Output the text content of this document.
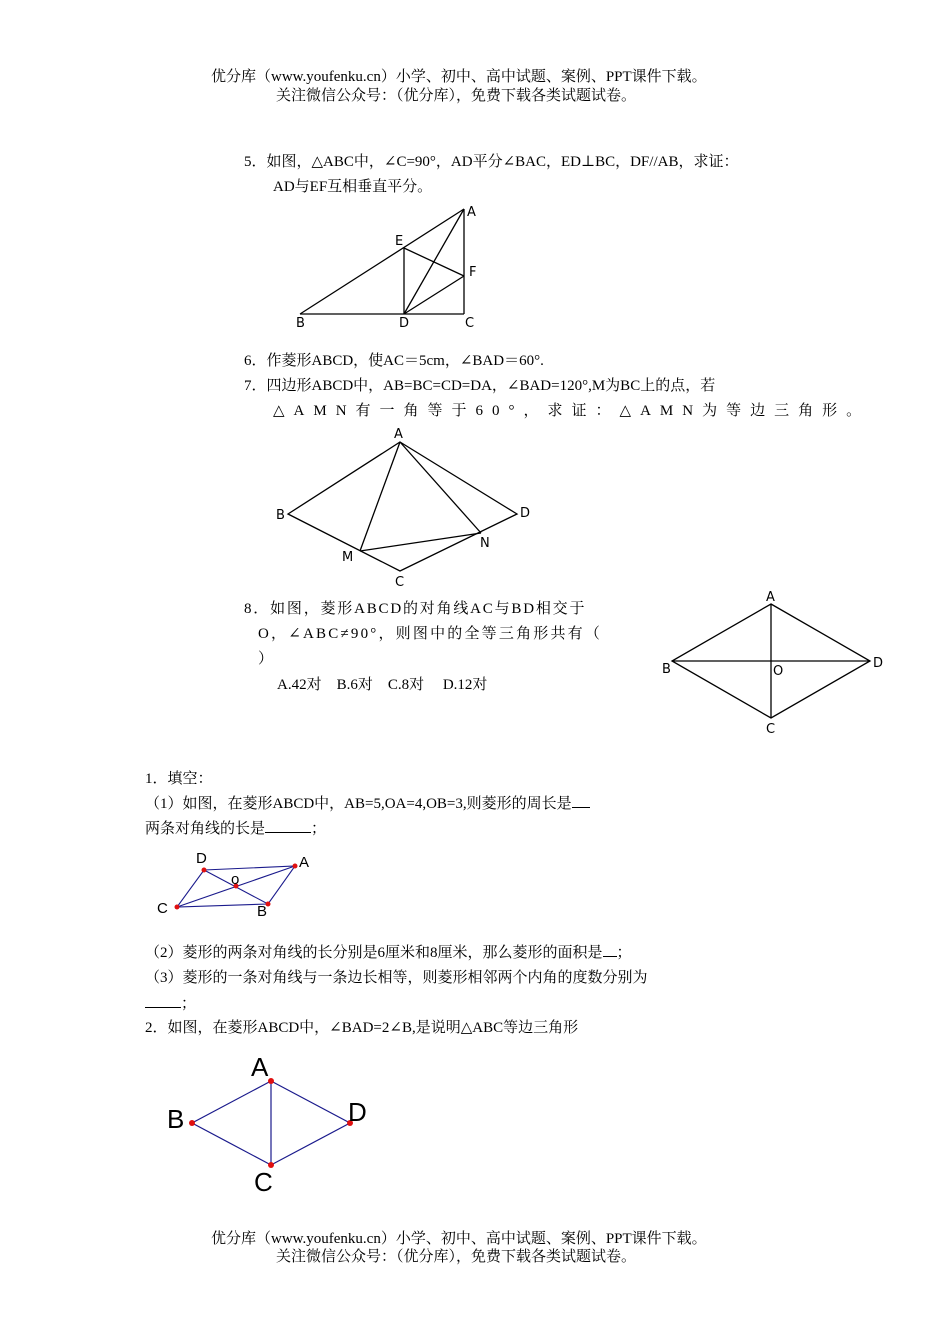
优分库（www.youfenku.cn）小学、初中、高中试题、案例、PPT课件下载。
关注微信公众号：（优分库），免费下载各类试题试卷。
5．如图，△ABC中，∠C=90°，AD平分∠BAC，ED⊥BC，DF//AB，求证：
AD与EF互相垂直平分。
A
E
F
B	D	C
6．作菱形ABCD，使AC＝5cm，∠BAD＝60°.
7．四边形ABCD中，AB=BC=CD=DA，∠BAD=120°,M为BC上的点，若
△AMN有一角等于60°，求证：△AMN为等边三角形。
A
B	D
M
N
C
8．如图，菱形ABCD的对角线AC与BD相交于
O，∠ABC≠90°，则图中的全等三角形共有（
）
A.42对　B.6对　C.8对　 D.12对
A
B	O
D
C
1．填空：
（1）如图，在菱形ABCD中，AB=5,OA=4,OB=3,则菱形的周长是
两条对角线的长是	；
D	A
o
C	B
（2）菱形的两条对角线的长分别是6厘米和8厘米，那么菱形的面积是 ；
（3）菱形的一条对角线与一条边长相等，则菱形相邻两个内角的度数分别为
；
2．如图，在菱形ABCD中，∠BAD=2∠B,是说明△ABC等边三角形
A
B	D
C
优分库（www.youfenku.cn）小学、初中、高中试题、案例、PPT课件下载。
关注微信公众号：（优分库），免费下载各类试题试卷。
